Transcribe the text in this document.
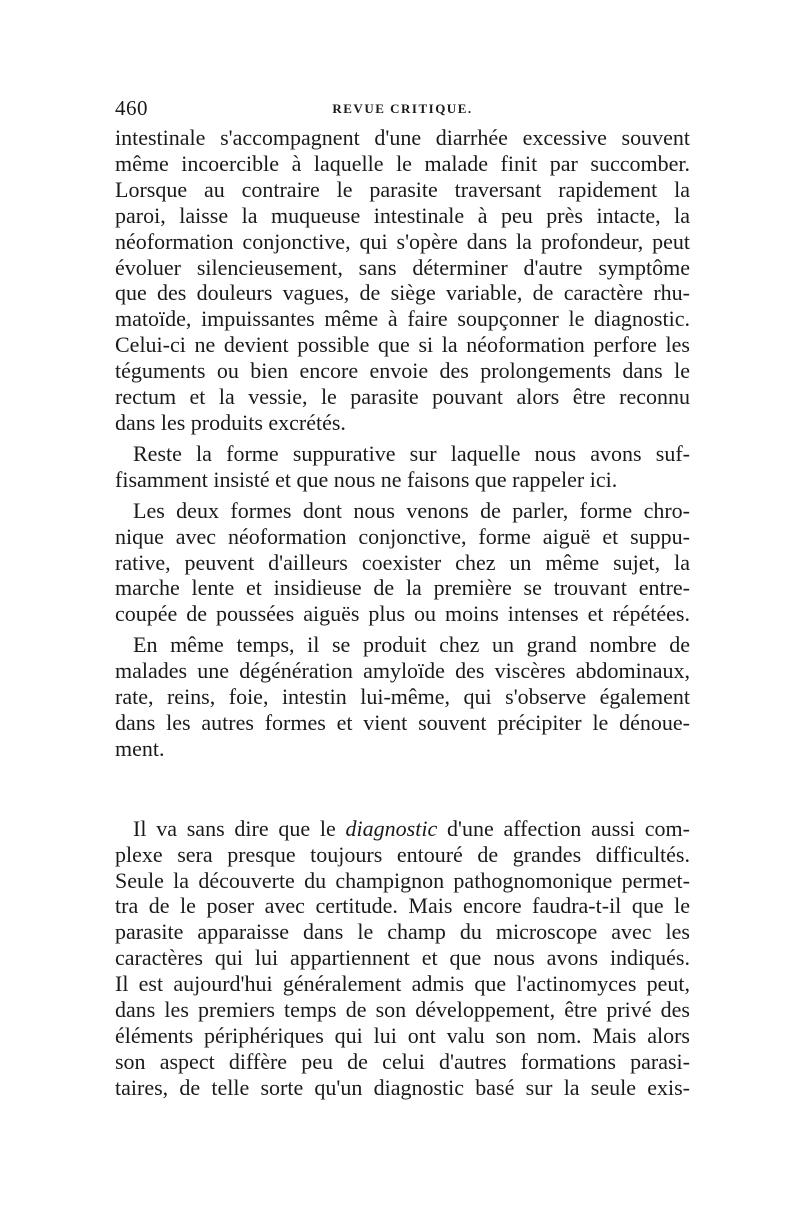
460	REVUE CRITIQUE.
intestinale s'accompagnent d'une diarrhée excessive souvent
même incoercible à laquelle le malade finit par succomber.
Lorsque au contraire le parasite traversant rapidement la
paroi, laisse la muqueuse intestinale à peu près intacte, la
néoformation conjonctive, qui s'opère dans la profondeur, peut
évoluer silencieusement, sans déterminer d'autre symptôme
que des douleurs vagues, de siège variable, de caractère rhu-
matoïde, impuissantes même à faire soupçonner le diagnostic.
Celui-ci ne devient possible que si la néoformation perfore les
téguments ou bien encore envoie des prolongements dans le
rectum et la vessie, le parasite pouvant alors être reconnu
dans les produits excrétés.
Reste la forme suppurative sur laquelle nous avons suf-
fisamment insisté et que nous ne faisons que rappeler ici.
Les deux formes dont nous venons de parler, forme chro-
nique avec néoformation conjonctive, forme aiguë et suppu-
rative, peuvent d'ailleurs coexister chez un même sujet, la
marche lente et insidieuse de la première se trouvant entre-
coupée de poussées aiguës plus ou moins intenses et répétées.
En même temps, il se produit chez un grand nombre de
malades une dégénération amyloïde des viscères abdominaux,
rate, reins, foie, intestin lui-même, qui s'observe également
dans les autres formes et vient souvent précipiter le dénoue-
ment.
Il va sans dire que le diagnostic d'une affection aussi com-
plexe sera presque toujours entouré de grandes difficultés.
Seule la découverte du champignon pathognomonique permet-
tra de le poser avec certitude. Mais encore faudra-t-il que le
parasite apparaisse dans le champ du microscope avec les
caractères qui lui appartiennent et que nous avons indiqués.
Il est aujourd'hui généralement admis que l'actinomyces peut,
dans les premiers temps de son développement, être privé des
éléments périphériques qui lui ont valu son nom. Mais alors
son aspect diffère peu de celui d'autres formations parasi-
taires, de telle sorte qu'un diagnostic basé sur la seule exis-
